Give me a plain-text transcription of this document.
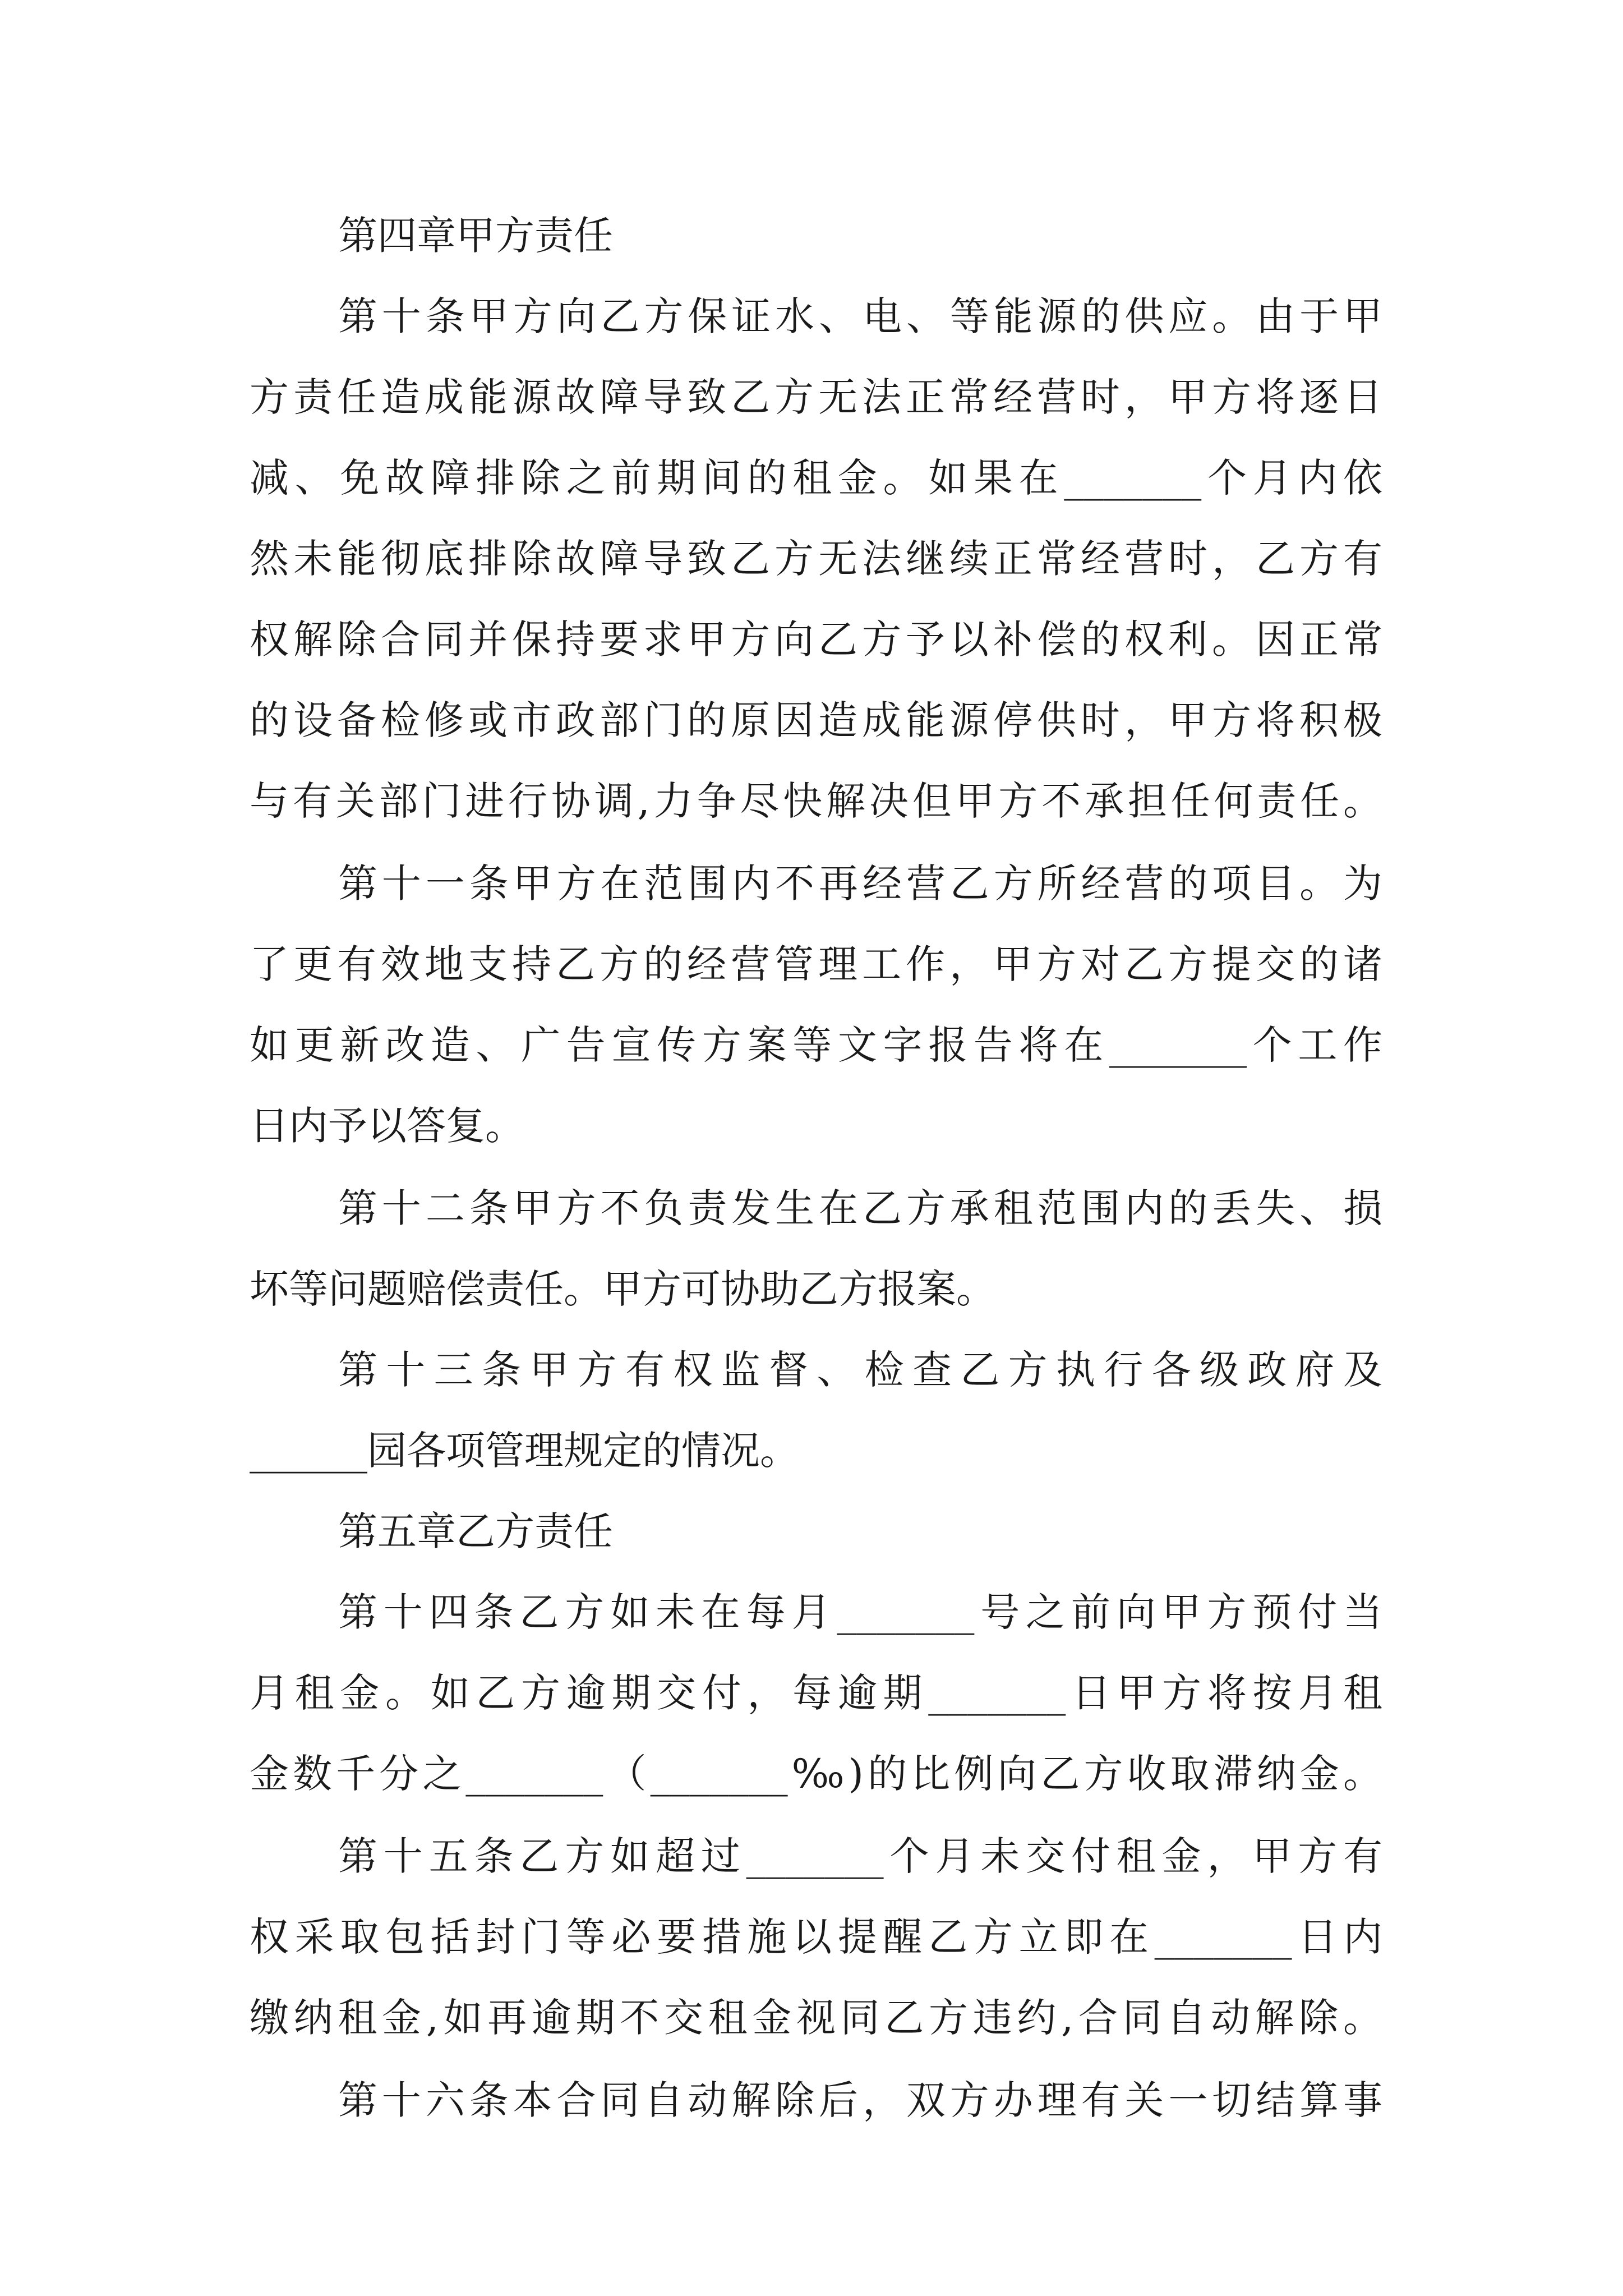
第四章甲方责任
第十条甲方向乙方保证水、电、等能源的供应。由于甲
方责任造成能源故障导致乙方无法正常经营时，甲方将逐日
减、免故障排除之前期间的租金。如果在_______个月内依
然未能彻底排除故障导致乙方无法继续正常经营时，乙方有
权解除合同并保持要求甲方向乙方予以补偿的权利。因正常
的设备检修或市政部门的原因造成能源停供时，甲方将积极
与有关部门进行协调,力争尽快解决但甲方不承担任何责任。
第十一条甲方在范围内不再经营乙方所经营的项目。为
了更有效地支持乙方的经营管理工作，甲方对乙方提交的诸
如更新改造、广告宣传方案等文字报告将在_______个工作
日内予以答复。
第十二条甲方不负责发生在乙方承租范围内的丢失、损
坏等问题赔偿责任。甲方可协助乙方报案。
第十三条甲方有权监督、检查乙方执行各级政府及
______园各项管理规定的情况。
第五章乙方责任
第十四条乙方如未在每月_______号之前向甲方预付当
月租金。如乙方逾期交付，每逾期_______日甲方将按月租
金数千分之_______（_______‰)的比例向乙方收取滞纳金。
第十五条乙方如超过_______个月未交付租金，甲方有
权采取包括封门等必要措施以提醒乙方立即在_______日内
缴纳租金,如再逾期不交租金视同乙方违约,合同自动解除。
第十六条本合同自动解除后，双方办理有关一切结算事
